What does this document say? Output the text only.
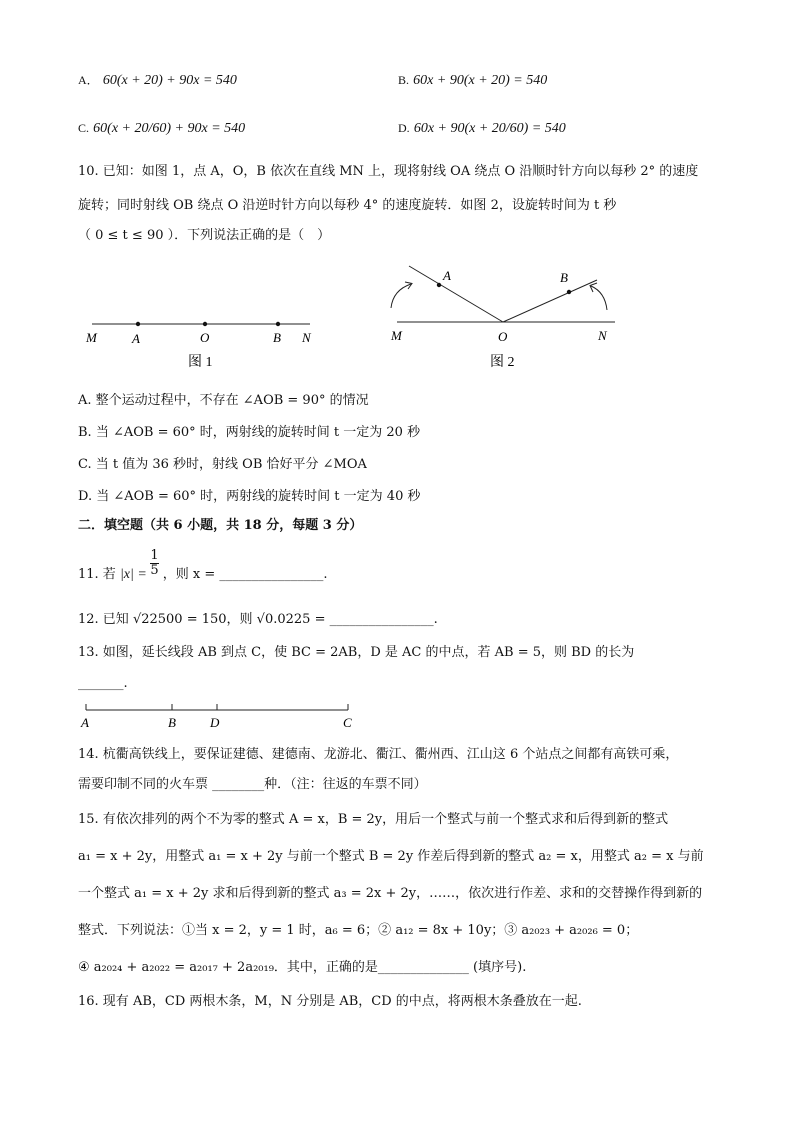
A． 60(x + 20) + 90x = 540	B. 60x + 90(x + 20) = 540
C. 60(x + 20/60) + 90x = 540	D. 60x + 90(x + 20/60) = 540
10. 已知：如图 1，点 A，O，B 依次在直线 MN 上，现将射线 OA 绕点 O 沿顺时针方向以每秒 2° 的速度
旋转；同时射线 OB 绕点 O 沿逆时针方向以每秒 4° 的速度旋转．如图 2，设旋转时间为 t 秒
（ 0 ≤ t ≤ 90 ）．下列说法正确的是（　）
M	A	O	B N
图 1
M
A
O
B
N
图 2
A. 整个运动过程中，不存在 ∠AOB = 90° 的情况
B. 当 ∠AOB = 60° 时，两射线的旋转时间 t 一定为 20 秒
C. 当 t 值为 36 秒时，射线 OB 恰好平分 ∠MOA
D. 当 ∠AOB = 60° 时，两射线的旋转时间 t 一定为 40 秒
二．填空题（共 6 小题，共 18 分，每题 3 分）
11. 若 $|x| = \frac{1}{5}$ ，则 x = ________________.
12. 已知 √22500 = 150，则 √0.0225 = ________________.
13. 如图，延长线段 AB 到点 C，使 BC = 2AB，D 是 AC 的中点，若 AB = 5，则 BD 的长为
_______.
A	B	D	C
14. 杭衢高铁线上，要保证建德、建德南、龙游北、衢江、衢州西、江山这 6 个站点之间都有高铁可乘，
需要印制不同的火车票 ________种．（注：往返的车票不同）
15. 有依次排列的两个不为零的整式 A = x，B = 2y，用后一个整式与前一个整式求和后得到新的整式
a₁ = x + 2y，用整式 a₁ = x + 2y 与前一个整式 B = 2y 作差后得到新的整式 a₂ = x，用整式 a₂ = x 与前
一个整式 a₁ = x + 2y 求和后得到新的整式 a₃ = 2x + 2y，……，依次进行作差、求和的交替操作得到新的
整式．下列说法：①当 x = 2，y = 1 时，a₆ = 6；② a₁₂ = 8x + 10y；③ a₂₀₂₃ + a₂₀₂₆ = 0；
④ a₂₀₂₄ + a₂₀₂₂ = a₂₀₁₇ + 2a₂₀₁₉．其中，正确的是______________ (填序号).
16. 现有 AB，CD 两根木条，M，N 分别是 AB，CD 的中点，将两根木条叠放在一起.
